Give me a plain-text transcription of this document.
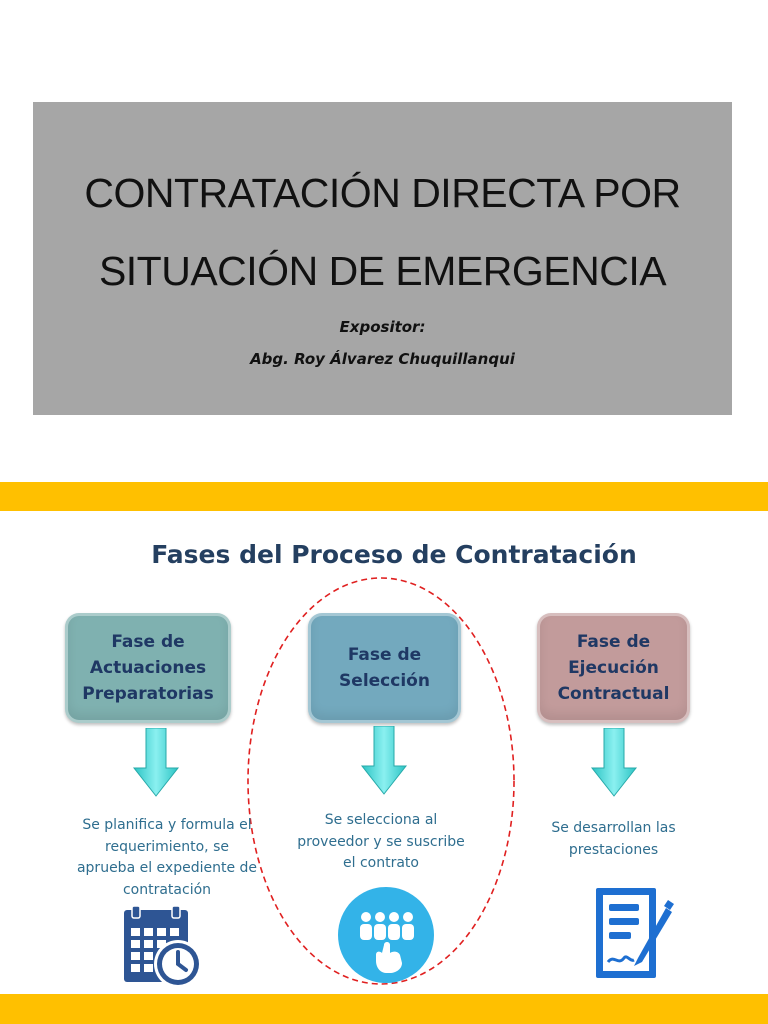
CONTRATACIÓN DIRECTA POR
SITUACIÓN DE EMERGENCIA
Expositor:
Abg. Roy Álvarez Chuquillanqui
Fases del Proceso de Contratación
Fase de
Actuaciones
Preparatorias
Fase de
Selección
Fase de
Ejecución
Contractual
Se planifica y formula el
requerimiento, se
aprueba el expediente de
contratación
Se selecciona al
proveedor y se suscribe
el contrato
Se desarrollan las
prestaciones
